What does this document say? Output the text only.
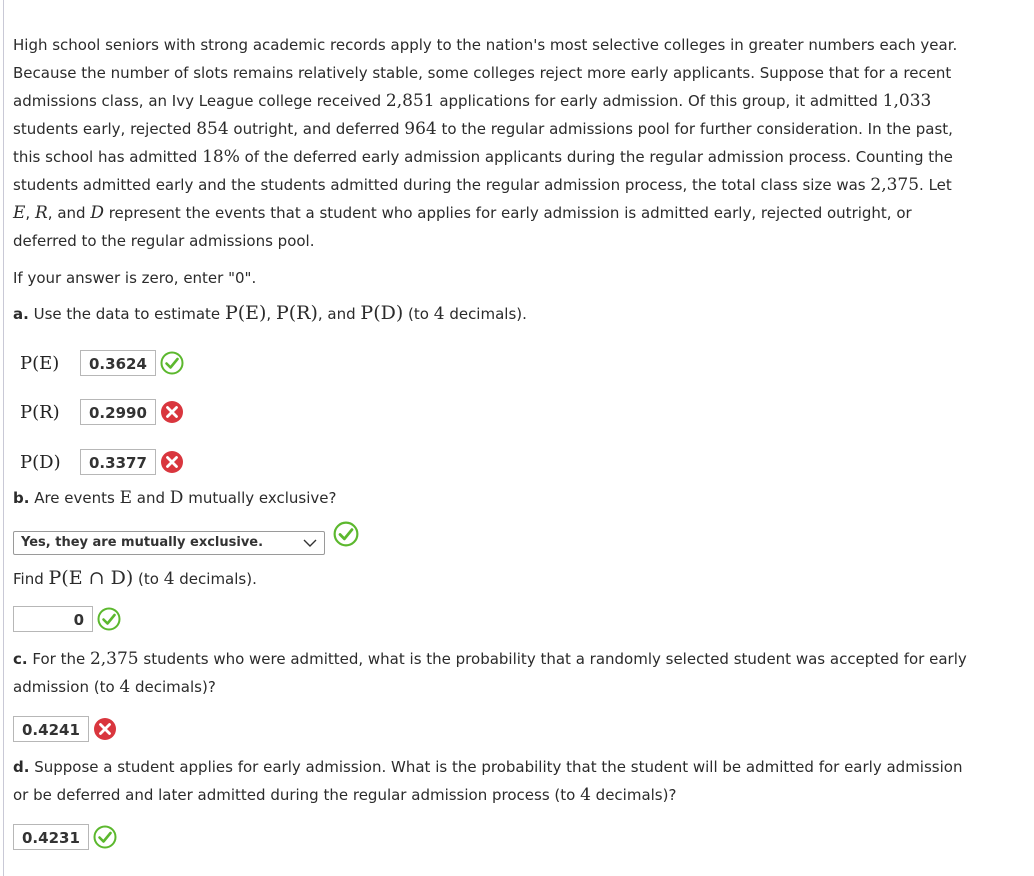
High school seniors with strong academic records apply to the nation's most selective colleges in greater numbers each year.

Because the number of slots remains relatively stable, some colleges reject more early applicants. Suppose that for a recent

admissions class, an Ivy League college received 2,851 applications for early admission. Of this group, it admitted 1,033

students early, rejected 854 outright, and deferred 964 to the regular admissions pool for further consideration. In the past,

this school has admitted 18% of the deferred early admission applicants during the regular admission process. Counting the

students admitted early and the students admitted during the regular admission process, the total class size was 2,375. Let

E, R, and D represent the events that a student who applies for early admission is admitted early, rejected outright, or

deferred to the regular admissions pool.

If your answer is zero, enter "0".
a. Use the data to estimate P(E), P(R), and P(D) (to 4 decimals).
P(E)	0.3624
P(R)	0.2990
P(D)	0.3377
b. Are events E and D mutually exclusive?
Yes, they are mutually exclusive.
Find P(E ∩ D) (to 4 decimals).
0

c. For the 2,375 students who were admitted, what is the probability that a randomly selected student was accepted for early

admission (to 4 decimals)?

0.4241

d. Suppose a student applies for early admission. What is the probability that the student will be admitted for early admission

or be deferred and later admitted during the regular admission process (to 4 decimals)?

0.4231
